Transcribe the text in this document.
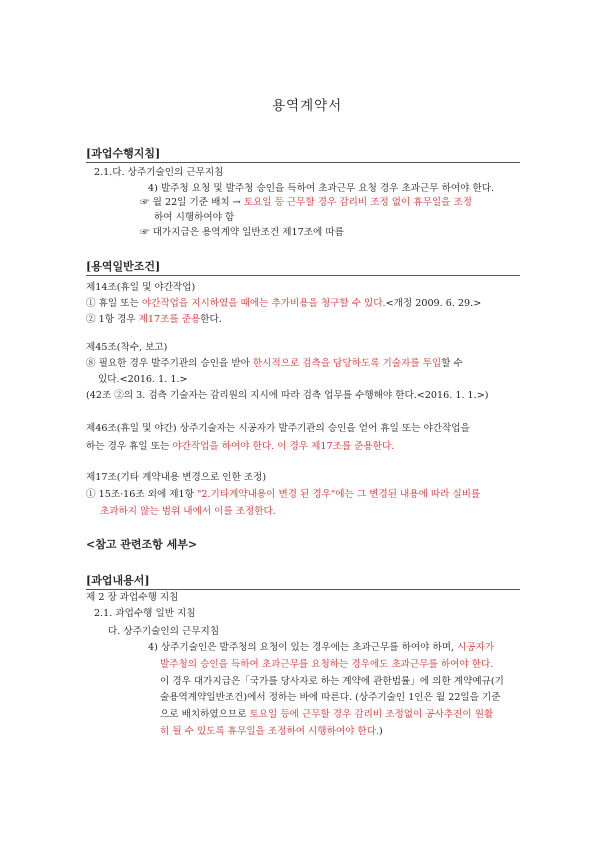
용역계약서
[과업수행지침]
2.1.다. 상주기술인의 근무지침
4) 발주청 요청 및 발주청 승인을 득하여 초과근무 요청 경우 초과근무 하여야 한다.
☞ 월 22일 기준 배치 → 토요일 등 근무할 경우 감리비 조정 없이 휴무일을 조정
하여 시행하여야 함
☞ 대가지급은 용역계약 일반조건 제17조에 따름
[용역일반조건]
제14조(휴일 및 야간작업)
① 휴일 또는 야간작업을 지시하였을 때에는 추가비용을 청구할 수 있다.<개정 2009. 6. 29.>
② 1항 경우 제17조를 준용한다.
제45조(착수, 보고)
⑧ 필요한 경우 발주기관의 승인을 받아 한시적으로 검측을 담당하도록 기술자를 투입할 수
있다.<2016. 1. 1.>
(42조 ②의 3. 검측 기술자는 감리원의 지시에 따라 검측 업무를 수행해야 한다.<2016. 1. 1.>)
제46조(휴일 및 야간) 상주기술자는 시공자가 발주기관의 승인을 얻어 휴일 또는 야간작업을
하는 경우 휴일 또는 야간작업을 하여야 한다. 이 경우 제17조를 준용한다.
제17조(기타 계약내용 변경으로 인한 조정)
① 15조·16조 외에 제1항 "2.기타계약내용이 변경 된 경우"에는 그 변경된 내용에 따라 실비를
초과하지 않는 범위 내에서 이를 조정한다.
<참고 관련조항 세부>
[과업내용서]
제 2 장 과업수행 지침
2.1. 과업수행 일반 지침
다. 상주기술인의 근무지침
4) 상주기술인은 발주청의 요청이 있는 경우에는 초과근무를 하여야 하며, 시공자가
발주청의 승인을 득하여 초과근무를 요청하는 경우에도 초과근무를 하여야 한다.
이 경우 대가지급은「국가를 당사자로 하는 계약에 관한법률」에 의한 계약예규(기
술용역계약일반조건)에서 정하는 바에 따른다. (상주기술인 1인은 월 22일을 기준
으로 배치하였으므로 토요일 등에 근무할 경우 감리비 조정없이 공사추진이 원활
히 될 수 있도록 휴무일을 조정하여 시행하여야 한다.)
